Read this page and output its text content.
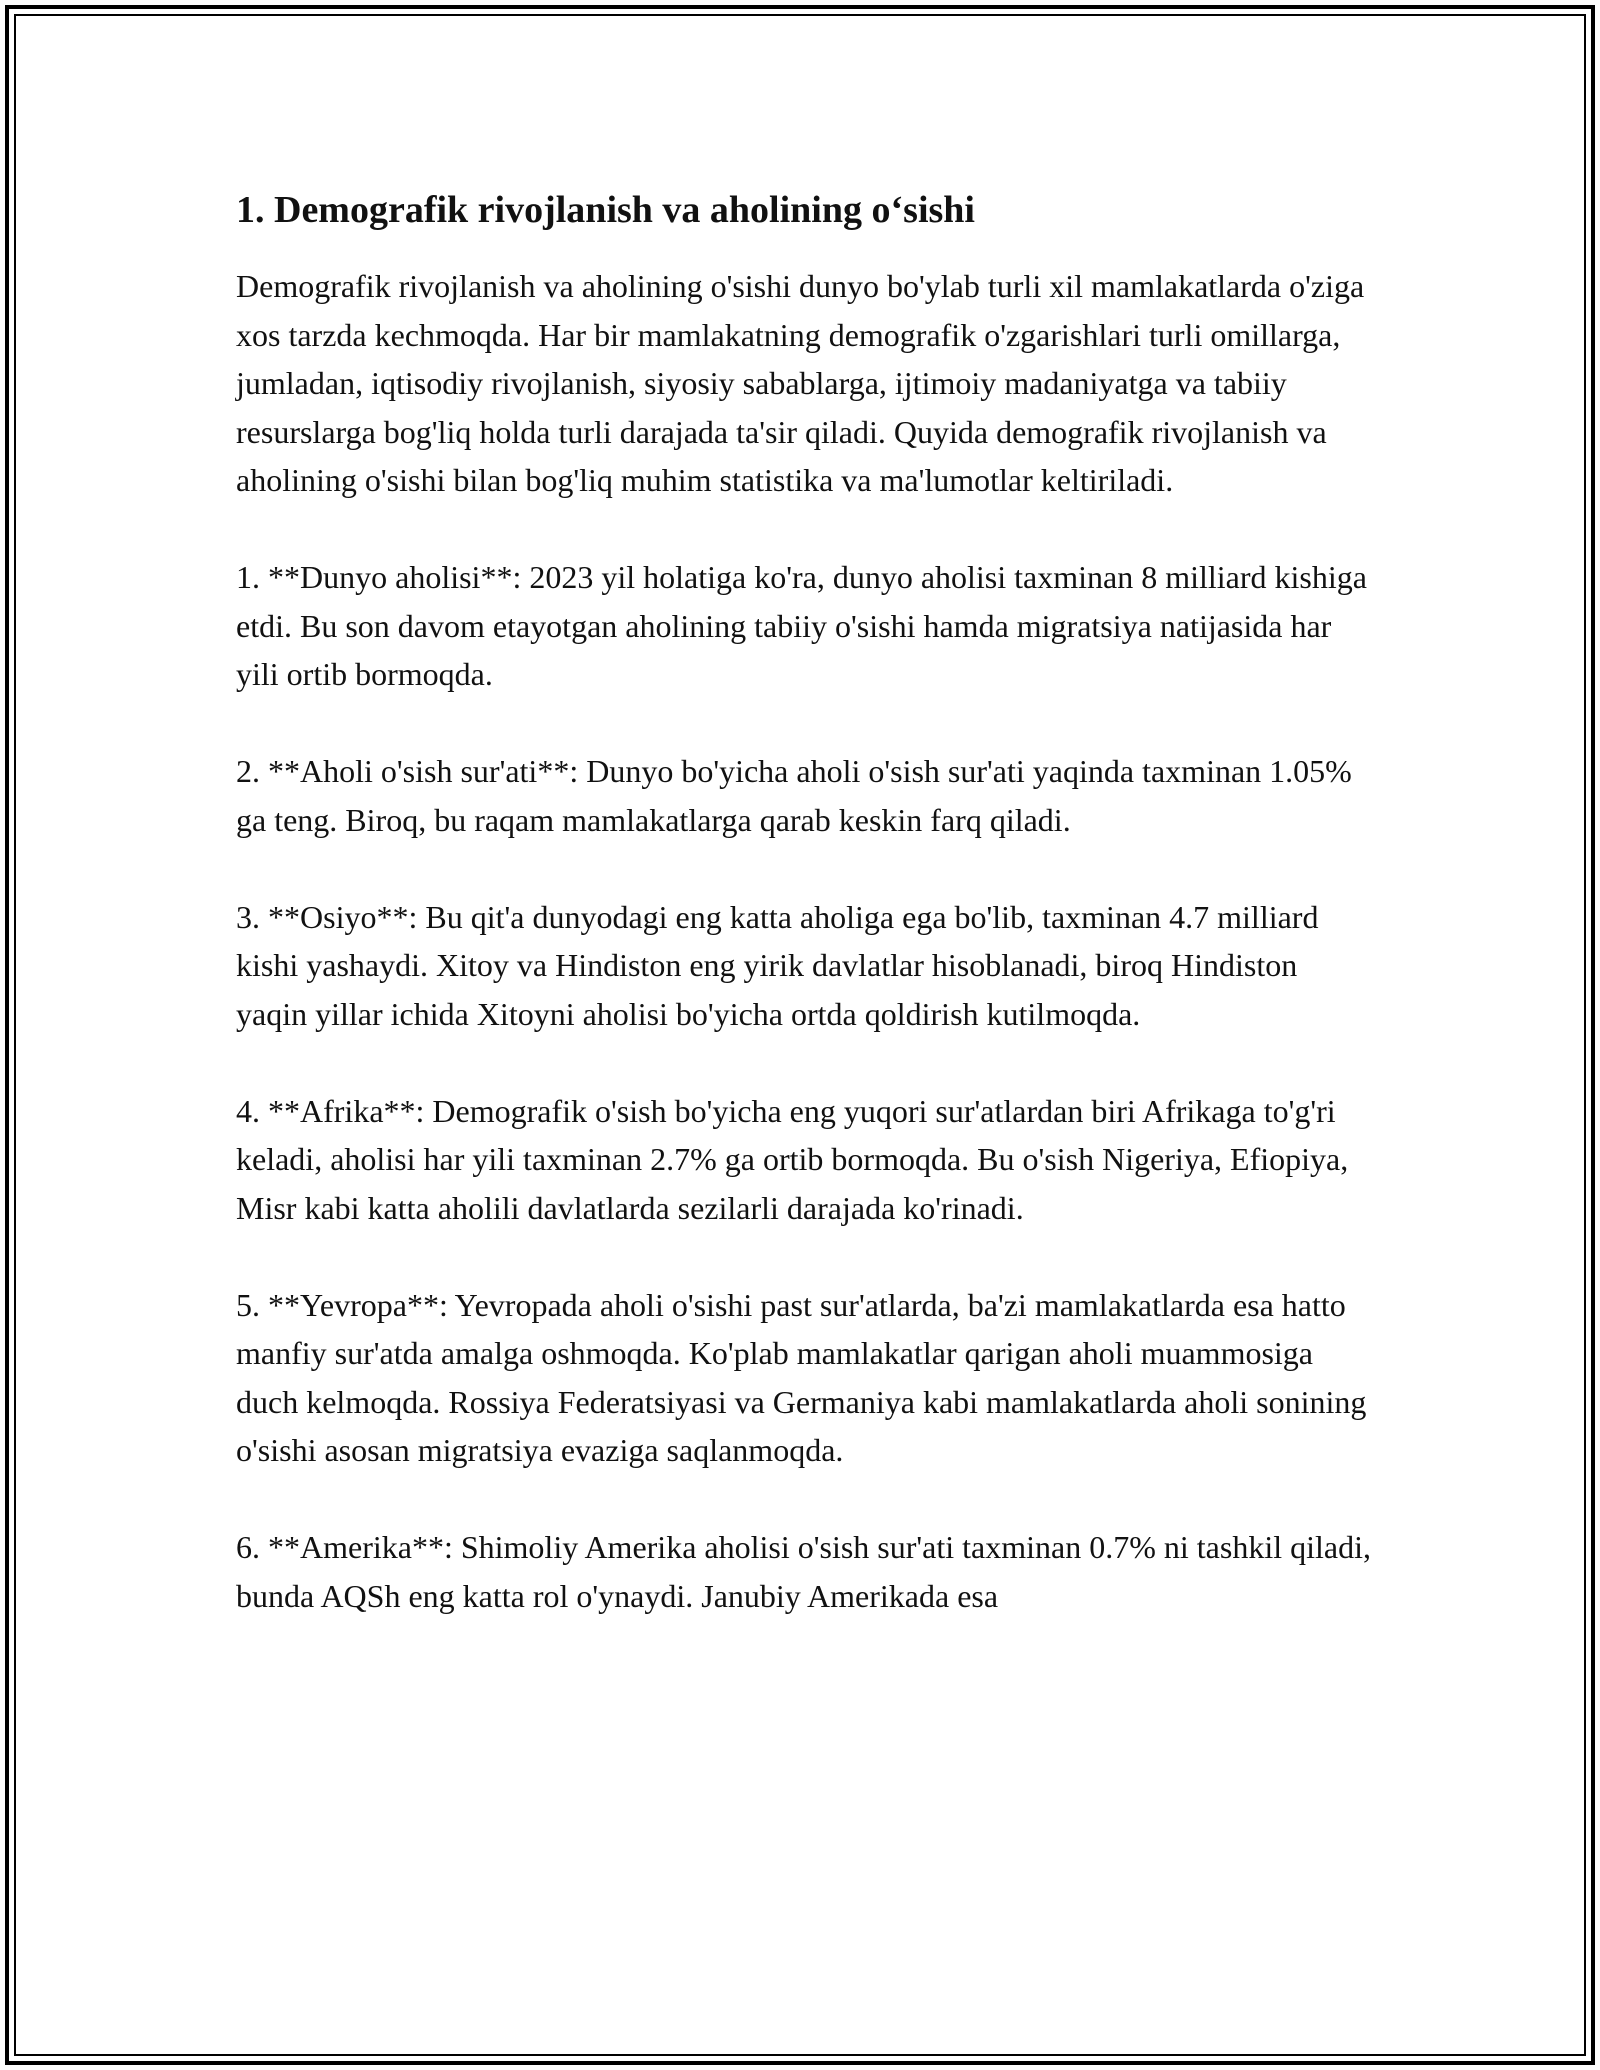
1. Demografik rivojlanish va aholining o‘sishi

Demografik rivojlanish va aholining o'sishi dunyo bo'ylab turli xil mamlakatlarda o'ziga xos tarzda kechmoqda. Har bir mamlakatning demografik o'zgarishlari turli omillarga, jumladan, iqtisodiy rivojlanish, siyosiy sabablarga, ijtimoiy madaniyatga va tabiiy resurslarga bog'liq holda turli darajada ta'sir qiladi. Quyida demografik rivojlanish va aholining o'sishi bilan bog'liq muhim statistika va ma'lumotlar keltiriladi.

1. **Dunyo aholisi**: 2023 yil holatiga ko'ra, dunyo aholisi taxminan 8 milliard kishiga etdi. Bu son davom etayotgan aholining tabiiy o'sishi hamda migratsiya natijasida har yili ortib bormoqda.

2. **Aholi o'sish sur'ati**: Dunyo bo'yicha aholi o'sish sur'ati yaqinda taxminan 1.05% ga teng. Biroq, bu raqam mamlakatlarga qarab keskin farq qiladi.

3. **Osiyo**: Bu qit'a dunyodagi eng katta aholiga ega bo'lib, taxminan 4.7 milliard kishi yashaydi. Xitoy va Hindiston eng yirik davlatlar hisoblanadi, biroq Hindiston yaqin yillar ichida Xitoyni aholisi bo'yicha ortda qoldirish kutilmoqda.

4. **Afrika**: Demografik o'sish bo'yicha eng yuqori sur'atlardan biri Afrikaga to'g'ri keladi, aholisi har yili taxminan 2.7% ga ortib bormoqda. Bu o'sish Nigeriya, Efiopiya, Misr kabi katta aholili davlatlarda sezilarli darajada ko'rinadi.

5. **Yevropa**: Yevropada aholi o'sishi past sur'atlarda, ba'zi mamlakatlarda esa hatto manfiy sur'atda amalga oshmoqda. Ko'plab mamlakatlar qarigan aholi muammosiga duch kelmoqda. Rossiya Federatsiyasi va Germaniya kabi mamlakatlarda aholi sonining o'sishi asosan migratsiya evaziga saqlanmoqda.

6. **Amerika**: Shimoliy Amerika aholisi o'sish sur'ati taxminan 0.7% ni tashkil qiladi, bunda AQSh eng katta rol o'ynaydi. Janubiy Amerikada esa
